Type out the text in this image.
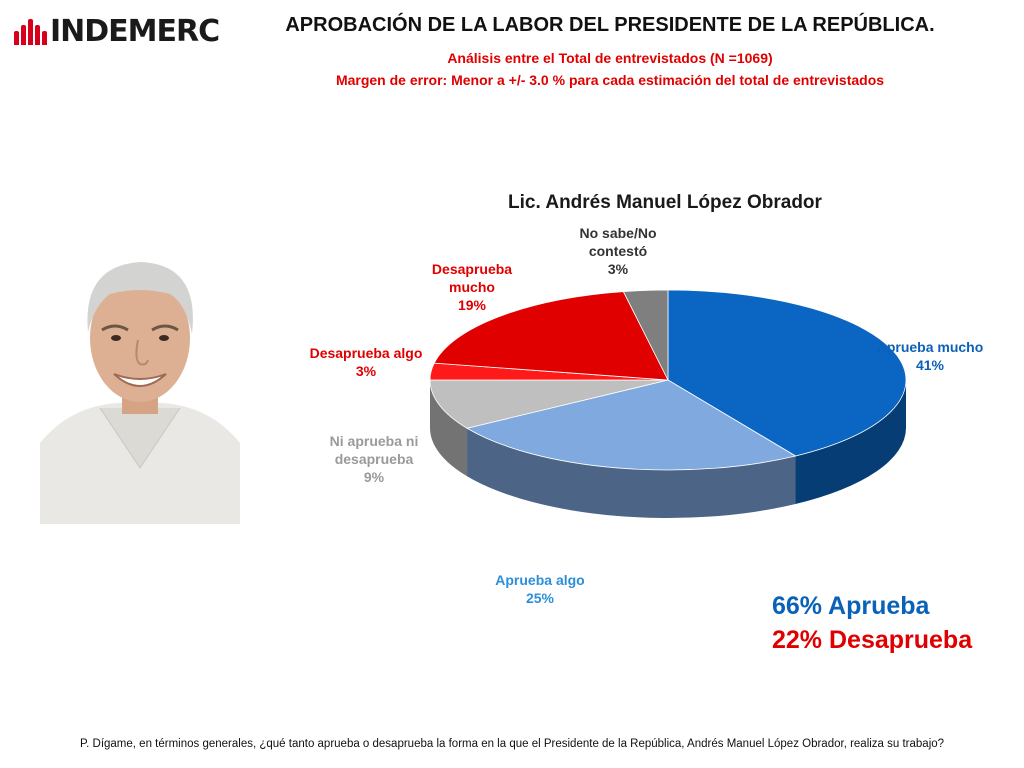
INDEMERC	APROBACIÓN DE LA LABOR DEL PRESIDENTE DE LA REPÚBLICA.
Análisis entre el Total de entrevistados (N =1069)
Margen de error: Menor a +/- 3.0 % para cada estimación del total de entrevistados
Lic. Andrés Manuel López Obrador
Aprueba mucho 41%
Aprueba algo 25%
Ni aprueba ni desaprueba 9%
Desaprueba algo 3%
Desaprueba mucho 19%
No sabe/No contestó 3%
66% Aprueba
22% Desaprueba
P. Dígame, en términos generales, ¿qué tanto aprueba o desaprueba la forma en la que el Presidente de la República, Andrés Manuel López Obrador, realiza su trabajo?
